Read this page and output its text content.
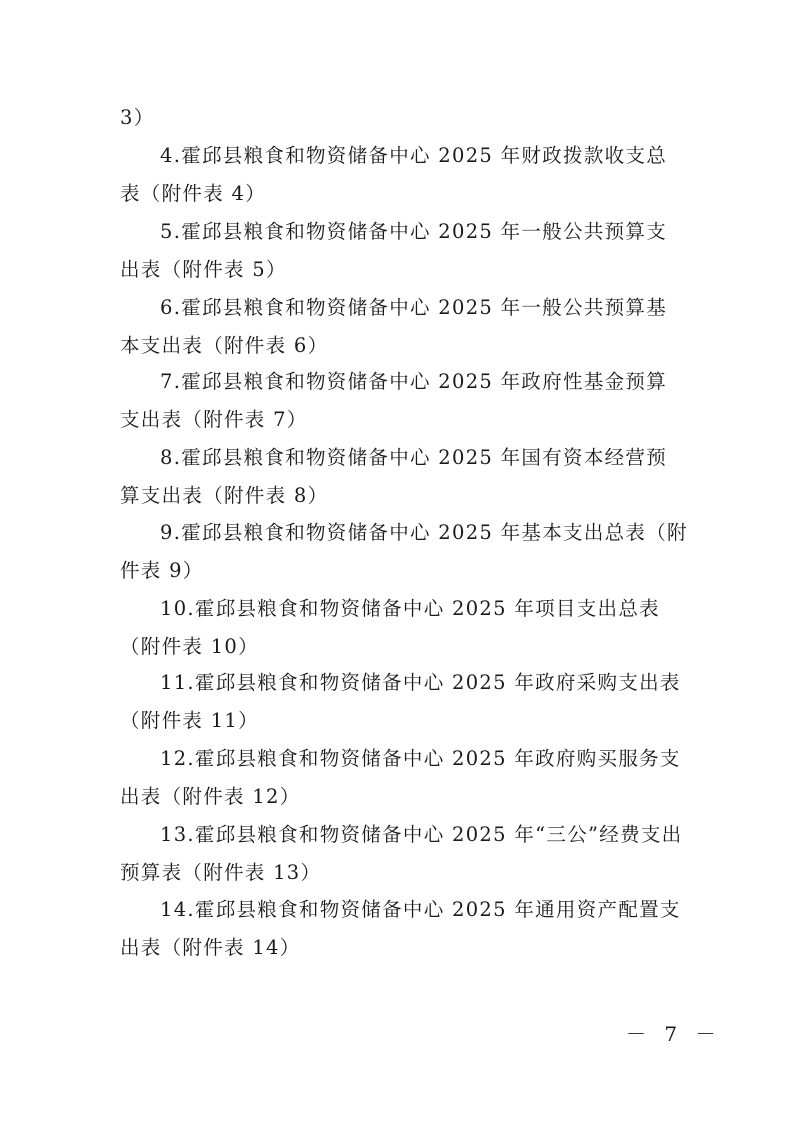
3）
4.霍邱县粮食和物资储备中心 2025 年财政拨款收支总
表（附件表 4）
5.霍邱县粮食和物资储备中心 2025 年一般公共预算支
出表（附件表 5）
6.霍邱县粮食和物资储备中心 2025 年一般公共预算基
本支出表（附件表 6）
7.霍邱县粮食和物资储备中心 2025 年政府性基金预算
支出表（附件表 7）
8.霍邱县粮食和物资储备中心 2025 年国有资本经营预
算支出表（附件表 8）
9.霍邱县粮食和物资储备中心 2025 年基本支出总表（附
件表 9）
10.霍邱县粮食和物资储备中心 2025 年项目支出总表
（附件表 10）
11.霍邱县粮食和物资储备中心 2025 年政府采购支出表
（附件表 11）
12.霍邱县粮食和物资储备中心 2025 年政府购买服务支
出表（附件表 12）
13.霍邱县粮食和物资储备中心 2025 年“三公”经费支出
预算表（附件表 13）
14.霍邱县粮食和物资储备中心 2025 年通用资产配置支
出表（附件表 14）
－ 7 －
